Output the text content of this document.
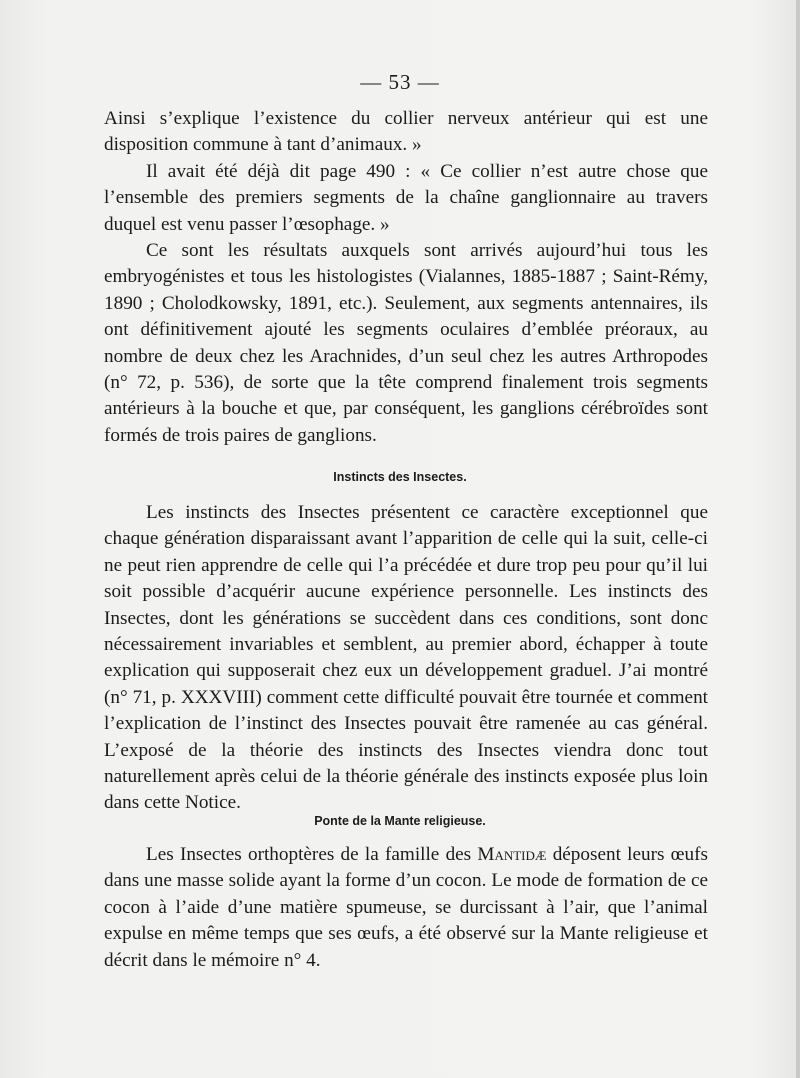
— 53 —

Ainsi s’explique l’existence du collier nerveux antérieur qui est une disposition commune à tant d’animaux. »

Il avait été déjà dit page 490 : « Ce collier n’est autre chose que l’ensemble des premiers segments de la chaîne ganglionnaire au travers duquel est venu passer l’œsophage. »

Ce sont les résultats auxquels sont arrivés aujourd’hui tous les embryogénistes et tous les histologistes (Vialannes, 1885-1887 ; Saint-Rémy, 1890 ; Cholodkowsky, 1891, etc.). Seulement, aux segments antennaires, ils ont définitivement ajouté les segments oculaires d’emblée préoraux, au nombre de deux chez les Arachnides, d’un seul chez les autres Arthropodes (n° 72, p. 536), de sorte que la tête comprend finalement trois segments antérieurs à la bouche et que, par conséquent, les ganglions cérébroïdes sont formés de trois paires de ganglions.

Instincts des Insectes.

Les instincts des Insectes présentent ce caractère exceptionnel que chaque génération disparaissant avant l’apparition de celle qui la suit, celle-ci ne peut rien apprendre de celle qui l’a précédée et dure trop peu pour qu’il lui soit possible d’acquérir aucune expérience personnelle. Les instincts des Insectes, dont les générations se succèdent dans ces conditions, sont donc nécessairement invariables et semblent, au premier abord, échapper à toute explication qui supposerait chez eux un développement graduel. J’ai montré (n° 71, p. XXXVIII) comment cette difficulté pouvait être tournée et comment l’explication de l’instinct des Insectes pouvait être ramenée au cas général. L’exposé de la théorie des instincts des Insectes viendra donc tout naturellement après celui de la théorie générale des instincts exposée plus loin dans cette Notice.

Ponte de la Mante religieuse.

Les Insectes orthoptères de la famille des Mantidæ déposent leurs œufs dans une masse solide ayant la forme d’un cocon. Le mode de formation de ce cocon à l’aide d’une matière spumeuse, se durcissant à l’air, que l’animal expulse en même temps que ses œufs, a été observé sur la Mante religieuse et décrit dans le mémoire n° 4.
